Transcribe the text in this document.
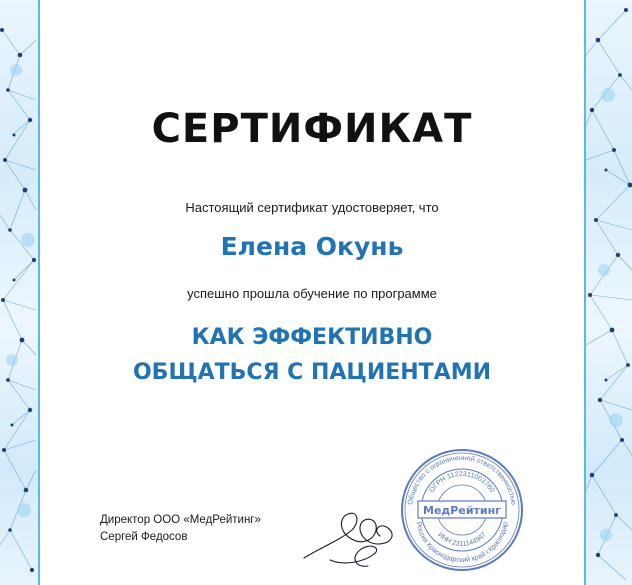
СЕРТИФИКАТ
Настоящий сертификат удостоверяет, что
Елена Окунь
успешно прошла обучение по программе
КАК ЭФФЕКТИВНО
ОБЩАТЬСЯ С ПАЦИЕНТАМИ
Директор ООО «МедРейтинг»
Сергей Федосов
Общество с ограниченной ответственностью
Россия Краснодарский край г.Краснодар
ОГРН 1122311003760
ИНН 2311144947
МедРейтинг
